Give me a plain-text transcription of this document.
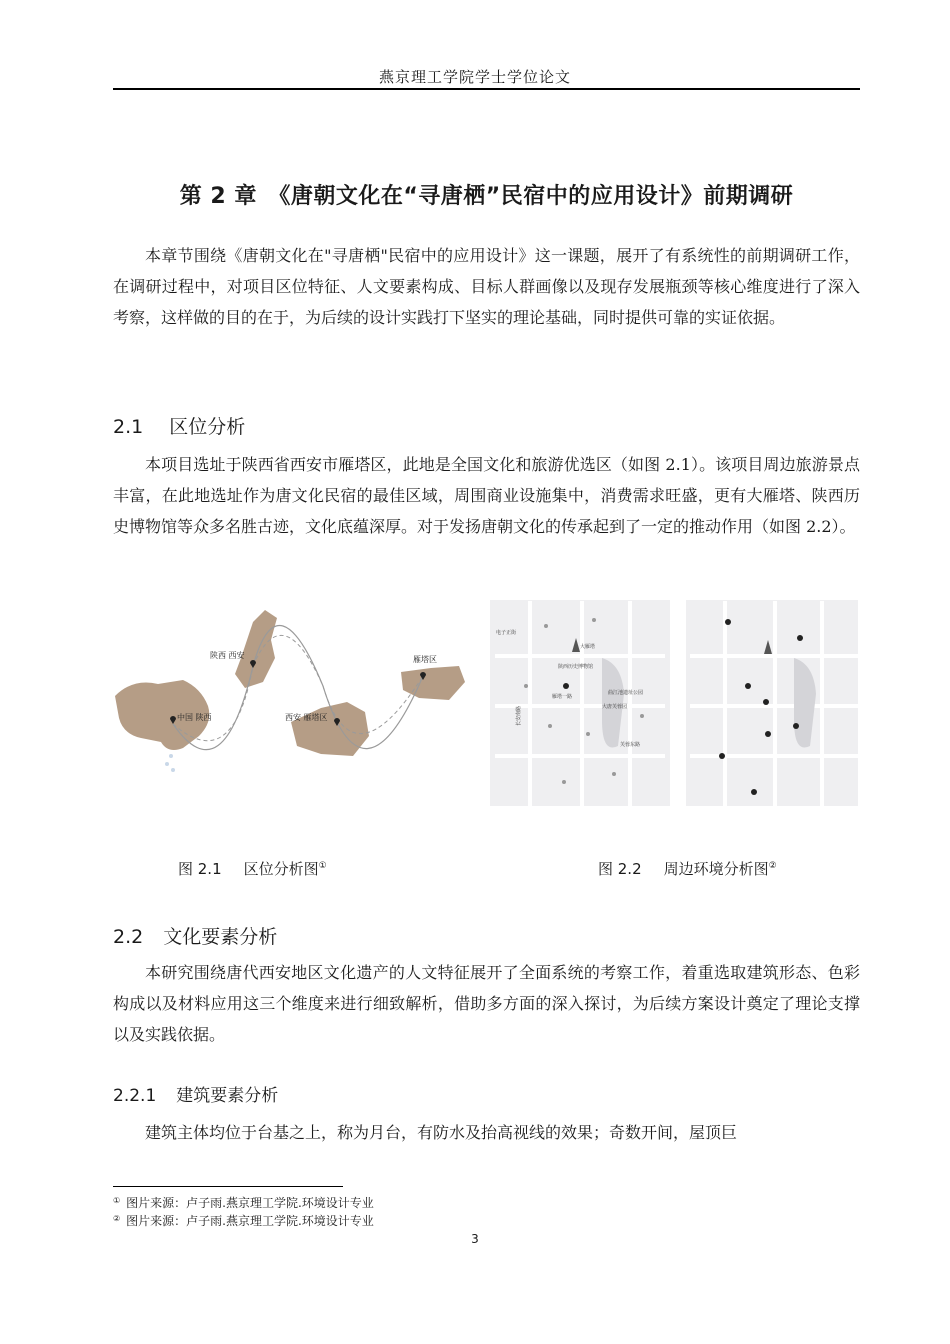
燕京理工学院学士学位论文
第 2 章　《唐朝文化在“寻唐栖”民宿中的应用设计》前期调研

本章节围绕《唐朝文化在"寻唐栖"民宿中的应用设计》这一课题，展开了有系统性的前期调研工作，在调研过程中，对项目区位特征、人文要素构成、目标人群画像以及现存发展瓶颈等核心维度进行了深入考察，这样做的目的在于，为后续的设计实践打下坚实的理论基础，同时提供可靠的实证依据。

2.1 区位分析

本项目选址于陕西省西安市雁塔区，此地是全国文化和旅游优选区（如图 2.1）。该项目周边旅游景点丰富，在此地选址作为唐文化民宿的最佳区域，周围商业设施集中，消费需求旺盛，更有大雁塔、陕西历史博物馆等众多名胜古迹，文化底蕴深厚。对于发扬唐朝文化的传承起到了一定的推动作用（如图 2.2）。

中国 陕西
陕西 西安
西安 雁塔区
雁塔区
大雁塔
大唐芙蓉园
曲江池遗址公园
陕西历史博物馆
雁塔一路
长安南路
电子正街
芙蓉东路
图 2.1 区位分析图①	图 2.2 周边环境分析图②
2.2 文化要素分析

本研究围绕唐代西安地区文化遗产的人文特征展开了全面系统的考察工作，着重选取建筑形态、色彩构成以及材料应用这三个维度来进行细致解析，借助多方面的深入探讨，为后续方案设计奠定了理论支撑以及实践依据。

2.2.1 建筑要素分析

建筑主体均位于台基之上，称为月台，有防水及抬高视线的效果；奇数开间，屋顶巨

① 图片来源：卢子雨.燕京理工学院.环境设计专业
② 图片来源：卢子雨.燕京理工学院.环境设计专业
3
